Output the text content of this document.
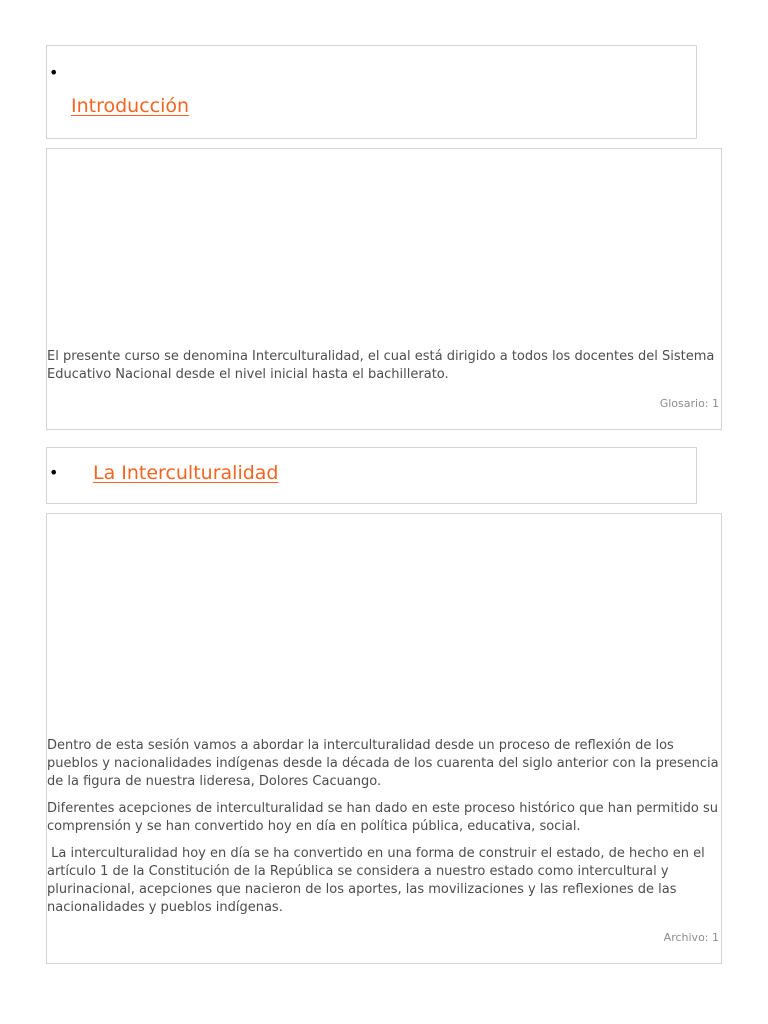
•
Introducción

El presente curso se denomina Interculturalidad, el cual está dirigido a todos los docentes del Sistema Educativo Nacional desde el nivel inicial hasta el bachillerato.

Glosario: 1
• La Interculturalidad

Dentro de esta sesión vamos a abordar la interculturalidad desde un proceso de reflexión de los pueblos y nacionalidades indígenas desde la década de los cuarenta del siglo anterior con la presencia de la figura de nuestra lideresa, Dolores Cacuango.

Diferentes acepciones de interculturalidad se han dado en este proceso histórico que han permitido su comprensión y se han convertido hoy en día en política pública, educativa, social.

La interculturalidad hoy en día se ha convertido en una forma de construir el estado, de hecho en el artículo 1 de la Constitución de la República se considera a nuestro estado como intercultural y plurinacional, acepciones que nacieron de los aportes, las movilizaciones y las reflexiones de las nacionalidades y pueblos indígenas.

Archivo: 1
